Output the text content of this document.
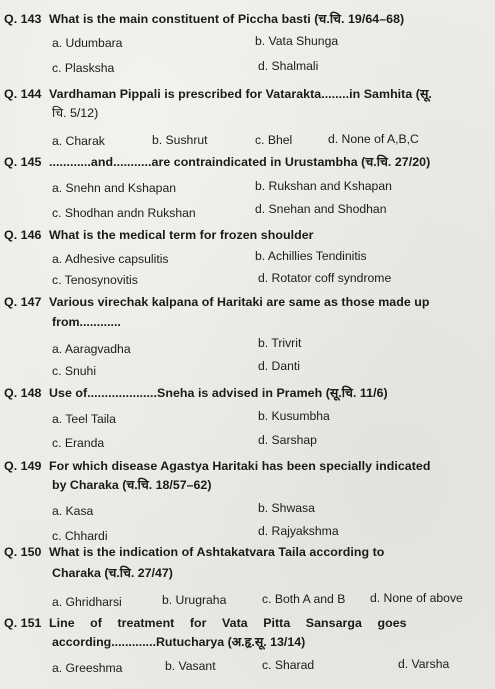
Q. 143 What is the main constituent of Piccha basti (च.चि. 19/64–68)
a. Udumbara	b. Vata Shunga
c. Plasksha	d. Shalmali
Q. 144 Vardhaman Pippali is prescribed for Vatarakta........in Samhita (सू.
चि. 5/12)
a. Charak	b. Sushrut	c. Bhel	d. None of A,B,C
Q. 145 ............and...........are contraindicated in Urustambha (च.चि. 27/20)
a. Snehn and Kshapan	b. Rukshan and Kshapan
c. Shodhan andn Rukshan	d. Snehan and Shodhan
Q. 146 What is the medical term for frozen shoulder
a. Adhesive capsulitis	b. Achillies Tendinitis
c. Tenosynovitis	d. Rotator coff syndrome
Q. 147 Various virechak kalpana of Haritaki are same as those made up
from............
a. Aaragvadha	b. Trivrit
c. Snuhi	d. Danti
Q. 148 Use of....................Sneha is advised in Prameh (सू.चि. 11/6)
a. Teel Taila	b. Kusumbha
c. Eranda	d. Sarshap
Q. 149 For which disease Agastya Haritaki has been specially indicated
by Charaka (च.चि. 18/57–62)
a. Kasa	b. Shwasa
c. Chhardi	d. Rajyakshma
Q. 150 What is the indication of Ashtakatvara Taila according to
Charaka (च.चि. 27/47)
a. Ghridharsi	b. Urugraha	c. Both A and B d. None of above
Q. 151 Line of treatment for Vata Pitta Sansarga goes
according.............Rutucharya (अ.हृ.सू. 13/14)
a. Greeshma	b. Vasant	c. Sharad	d. Varsha
